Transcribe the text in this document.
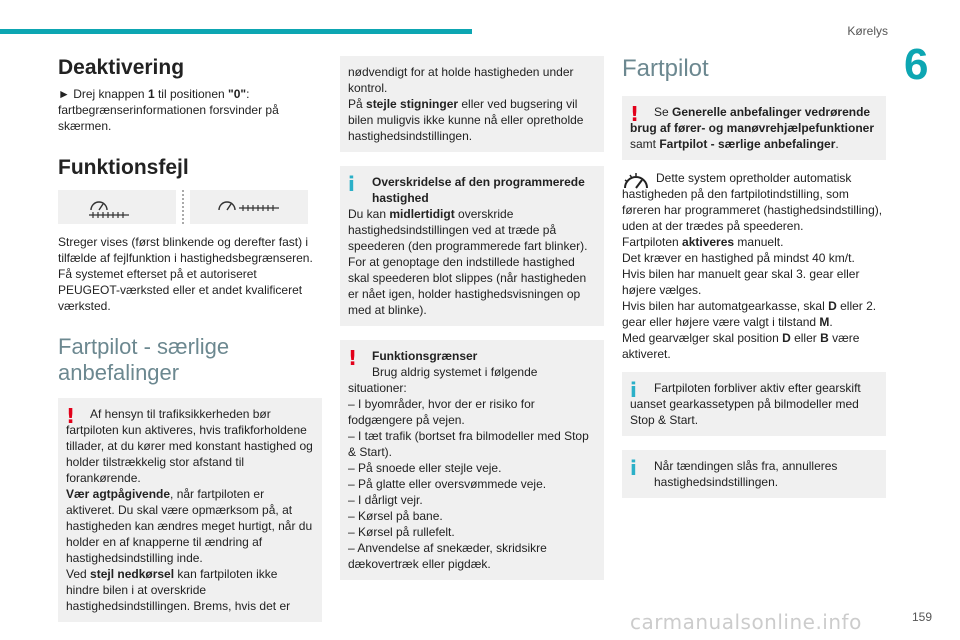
Kørelys
6
Deaktivering

► Drej knappen 1 til positionen "0": fartbegrænserinformationen forsvinder på skærmen.

Funktionsfejl

Streger vises (først blinkende og derefter fast) i tilfælde af fejlfunktion i hastighedsbegrænseren. Få systemet efterset på et autoriseret PEUGEOT-værksted eller et andet kvalificeret værksted.

Fartpilot - særlige anbefalinger
!	Af hensyn til trafiksikkerheden bør fartpiloten kun aktiveres, hvis trafikforholdene tillader, at du kører med konstant hastighed og holder tilstrækkelig stor afstand til forankørende.

Vær agtpågivende, når fartpiloten er aktiveret. Du skal være opmærksom på, at hastigheden kan ændres meget hurtigt, når du holder en af knapperne til ændring af hastighedsindstilling inde.

Ved stejl nedkørsel kan fartpiloten ikke hindre bilen i at overskride hastighedsindstillingen. Brems, hvis det er

nødvendigt for at holde hastigheden under kontrol.

På stejle stigninger eller ved bugsering vil bilen muligvis ikke kunne nå eller opretholde hastighedsindstillingen.

i	Overskridelse af den programmerede hastighed

Du kan midlertidigt overskride hastighedsindstillingen ved at træde på speederen (den programmerede fart blinker). For at genoptage den indstillede hastighed skal speederen blot slippes (når hastigheden er nået igen, holder hastighedsvisningen op med at blinke).

!	Funktionsgrænser

Brug aldrig systemet i følgende situationer:

– I byområder, hvor der er risiko for fodgængere på vejen.

– I tæt trafik (bortset fra bilmodeller med Stop & Start).

– På snoede eller stejle veje.

– På glatte eller oversvømmede veje.

– I dårligt vejr.

– Kørsel på bane.

– Kørsel på rullefelt.

– Anvendelse af snekæder, skridsikre dækovertræk eller pigdæk.

Fartpilot
!	Se Generelle anbefalinger vedrørende brug af fører- og manøvrehjælpefunktioner samt Fartpilot - særlige anbefalinger.

Dette system opretholder automatisk hastigheden på den fartpilotindstilling, som føreren har programmeret (hastighedsindstilling), uden at der trædes på speederen.

Fartpiloten aktiveres manuelt.

Det kræver en hastighed på mindst 40 km/t.

Hvis bilen har manuelt gear skal 3. gear eller højere vælges.

Hvis bilen har automatgearkasse, skal D eller 2. gear eller højere være valgt i tilstand M.

Med gearvælger skal position D eller B være aktiveret.

i	Fartpiloten forbliver aktiv efter gearskift uanset gearkassetypen på bilmodeller med Stop & Start.

i	Når tændingen slås fra, annulleres hastighedsindstillingen.

carmanualsonline.info	159
